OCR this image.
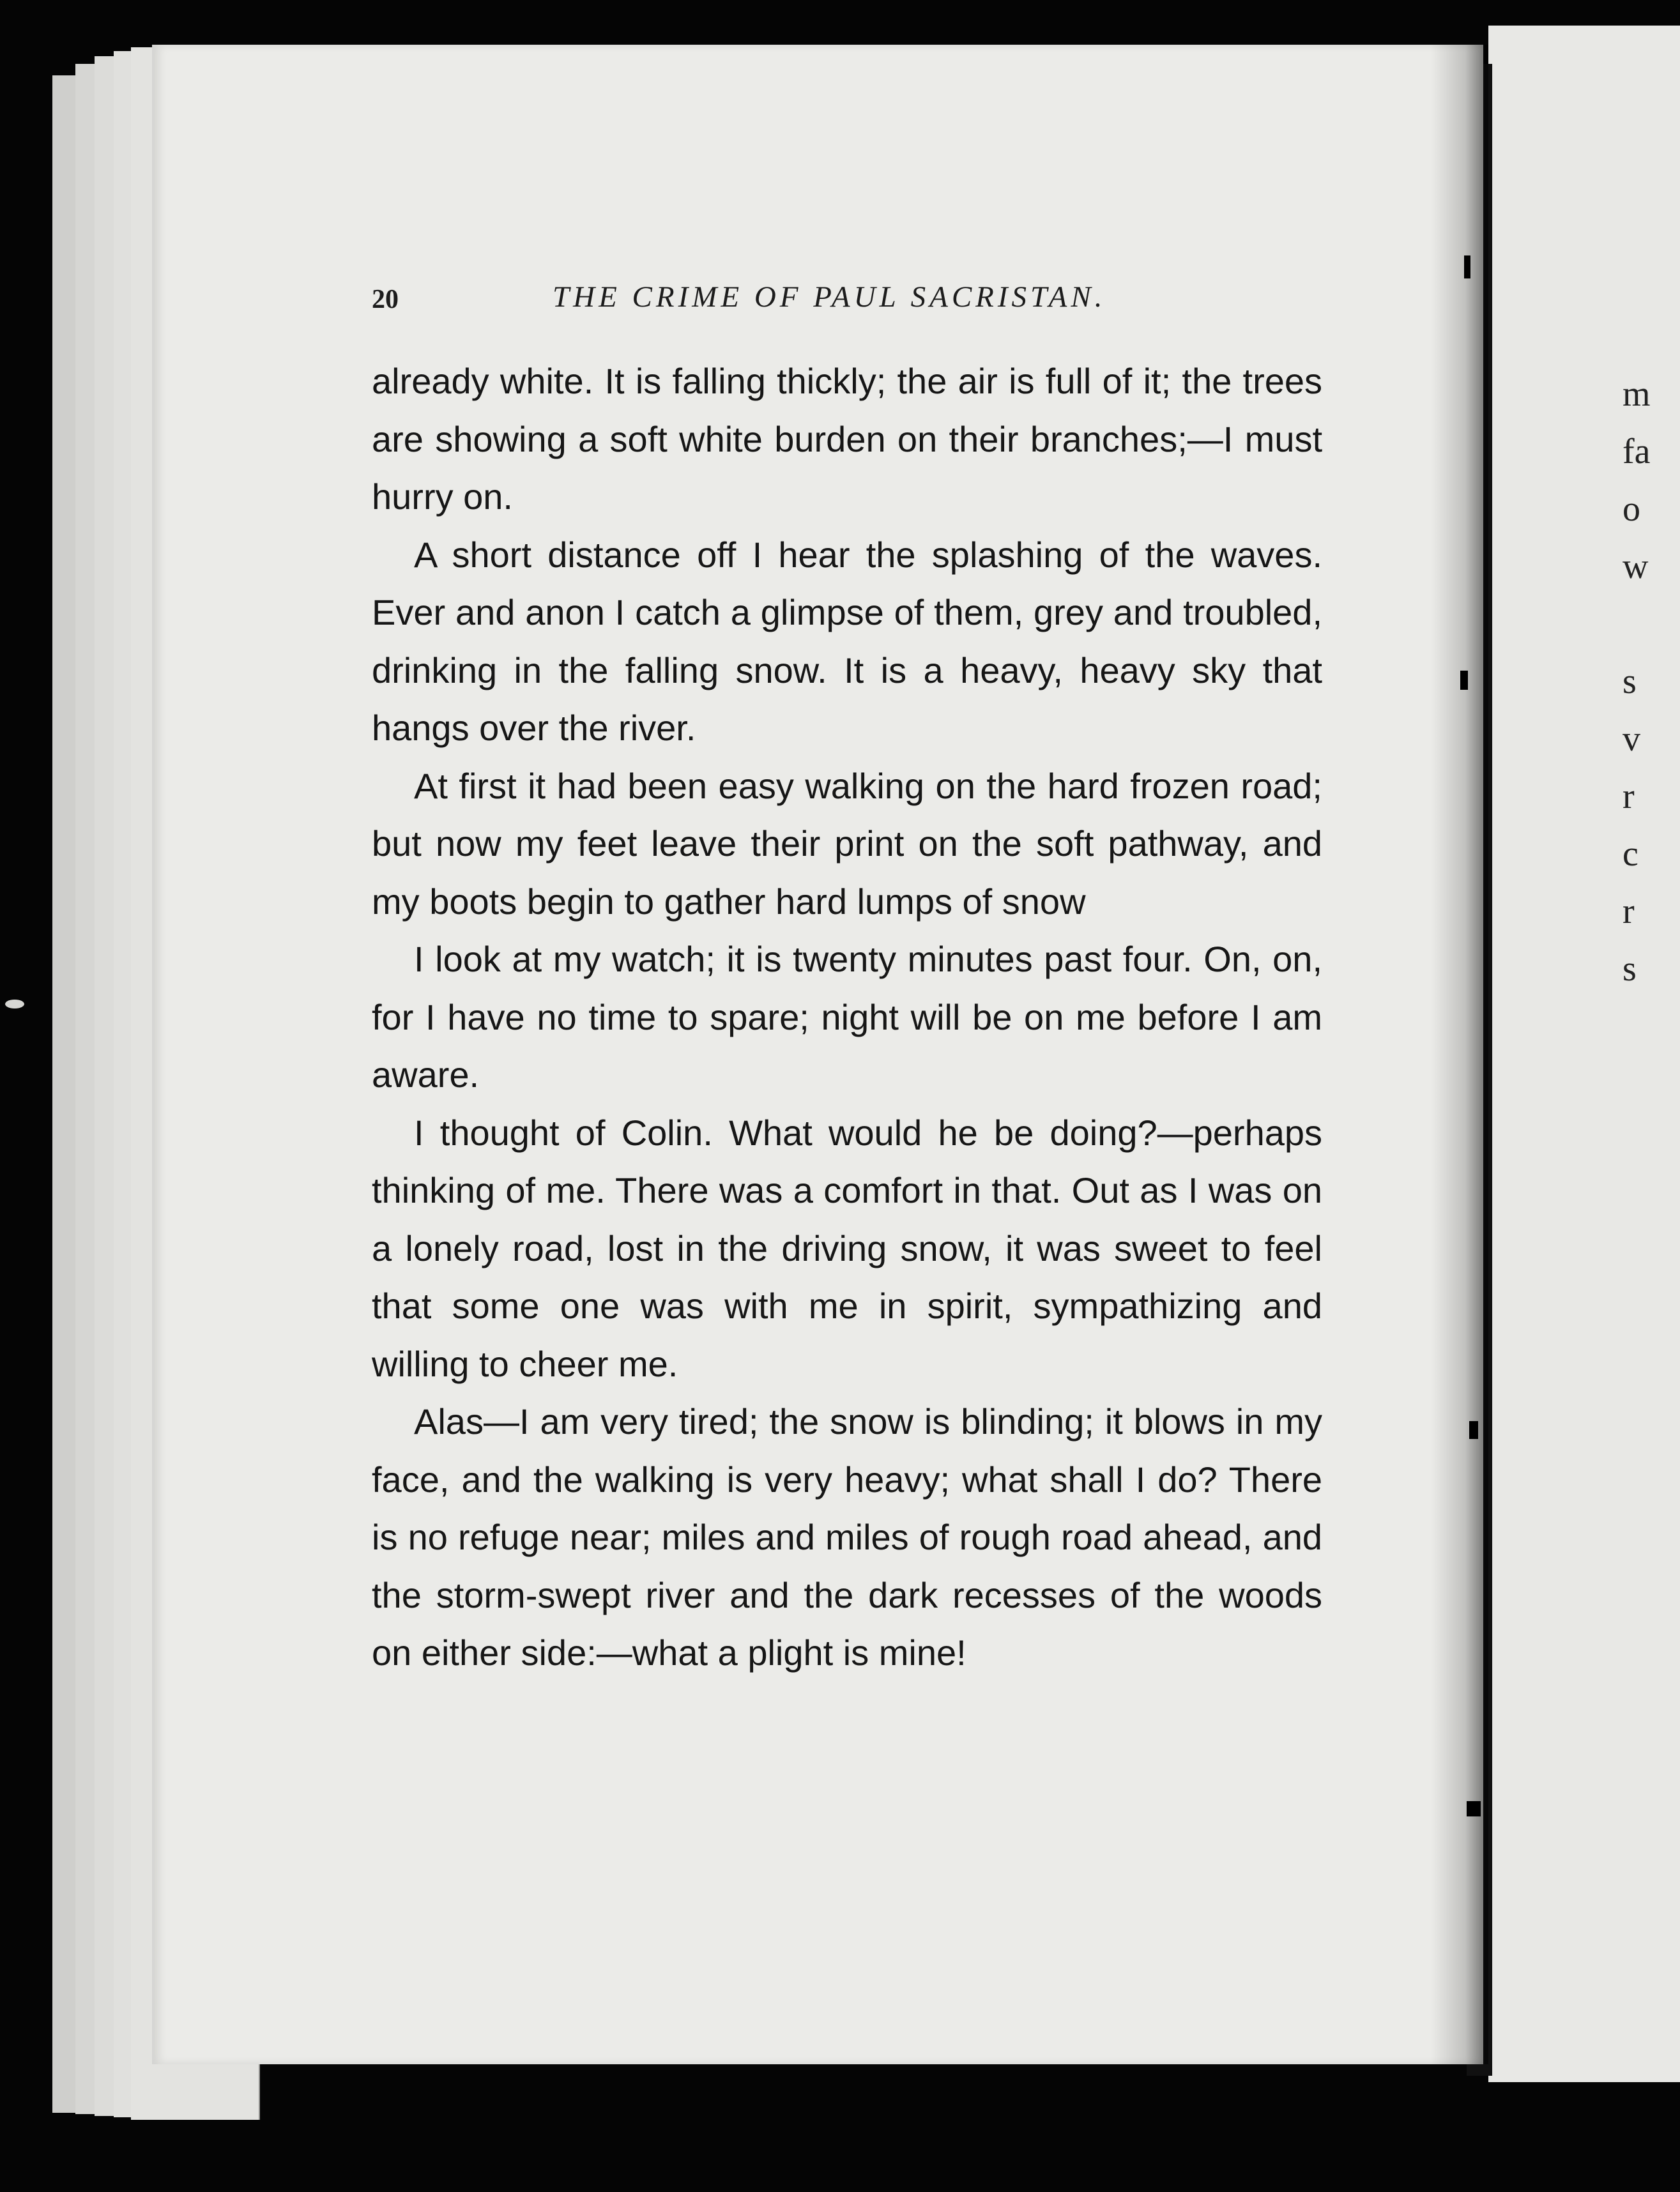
m
fa
o
w
s
v
r
c
r
s
20	THE CRIME OF PAUL SACRISTAN.

already white. It is falling thickly; the air is full of it; the trees are showing a soft white burden on their branches;—I must hurry on.

A short distance off I hear the splashing of the waves. Ever and anon I catch a glimpse of them, grey and troubled, drinking in the falling snow. It is a heavy, heavy sky that hangs over the river.

At first it had been easy walking on the hard frozen road; but now my feet leave their print on the soft pathway, and my boots begin to gather hard lumps of snow

I look at my watch; it is twenty minutes past four. On, on, for I have no time to spare; night will be on me before I am aware.

I thought of Colin. What would he be doing?—perhaps thinking of me. There was a comfort in that. Out as I was on a lonely road, lost in the driving snow, it was sweet to feel that some one was with me in spirit, sympathizing and willing to cheer me.

Alas—I am very tired; the snow is blinding; it blows in my face, and the walking is very heavy; what shall I do? There is no refuge near; miles and miles of rough road ahead, and the storm-swept river and the dark recesses of the woods on either side:—what a plight is mine!
